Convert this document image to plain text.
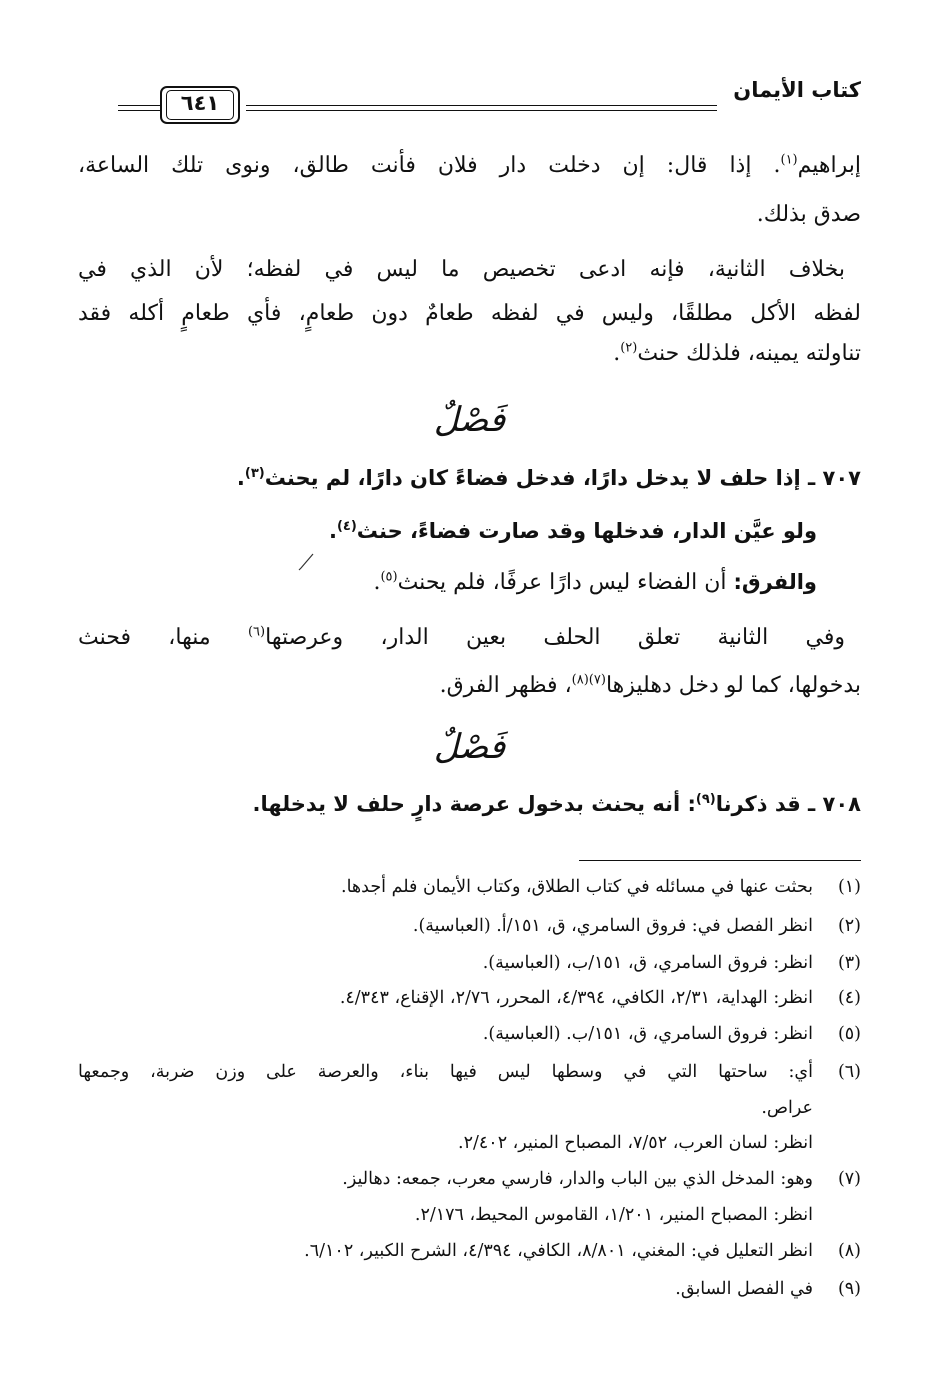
كتاب الأيمان
٦٤١
إبراهيم$^{(١)}$. إذا قال: إن دخلت دار فلان فأنت طالق، ونوى تلك الساعة،
صدق بذلك.
بخلاف الثانية، فإنه ادعى تخصيص ما ليس في لفظه؛ لأن الذي في
لفظه الأكل مطلقًا، وليس في لفظه طعامٌ دون طعامٍ، فأي طعامٍ أكله فقد
تناولته يمينه، فلذلك حنث$^{(٢)}$.
فَصْلٌ
٧٠٧ ـ إذا حلف لا يدخل دارًا، فدخل فضاءً كان دارًا، لم يحنث$^{(٣)}$.
ولو عيَّن الدار، فدخلها وقد صارت فضاءً، حنث$^{(٤)}$.
والفرق: أن الفضاء ليس دارًا عرفًا، فلم يحنث$^{(٥)}$.
وفي الثانية تعلق الحلف بعين الدار، وعرصتها$^{(٦)}$ منها، فحنث
بدخولها، كما لو دخل دهليزها$^{(٧)(٨)}$، فظهر الفرق.
فَصْلٌ
٧٠٨ ـ قد ذكرنا$^{(٩)}$: أنه يحنث بدخول عرصة دارٍ حلف لا يدخلها.
(١)بحثت عنها في مسائله في كتاب الطلاق، وكتاب الأيمان فلم أجدها.
(٢)انظر الفصل في: فروق السامري، ق، ١٥١/أ. (العباسية).
(٣)انظر: فروق السامري، ق، ١٥١/ب، (العباسية).
(٤)انظر: الهداية، ٢/٣١، الكافي، ٤/٣٩٤، المحرر، ٢/٧٦، الإقناع، ٤/٣٤٣.
(٥)انظر: فروق السامري، ق، ١٥١/ب. (العباسية).
(٦)أي: ساحتها التي في وسطها ليس فيها بناء، والعرصة على وزن ضربة، وجمعها
عراص.
انظر: لسان العرب، ٧/٥٢، المصباح المنير، ٢/٤٠٢.
(٧)وهو: المدخل الذي بين الباب والدار، فارسي معرب، جمعه: دهاليز.
انظر: المصباح المنير، ١/٢٠١، القاموس المحيط، ٢/١٧٦.
(٨)انظر التعليل في: المغني، ٨/٨٠١، الكافي، ٤/٣٩٤، الشرح الكبير، ٦/١٠٢.
(٩)في الفصل السابق.
